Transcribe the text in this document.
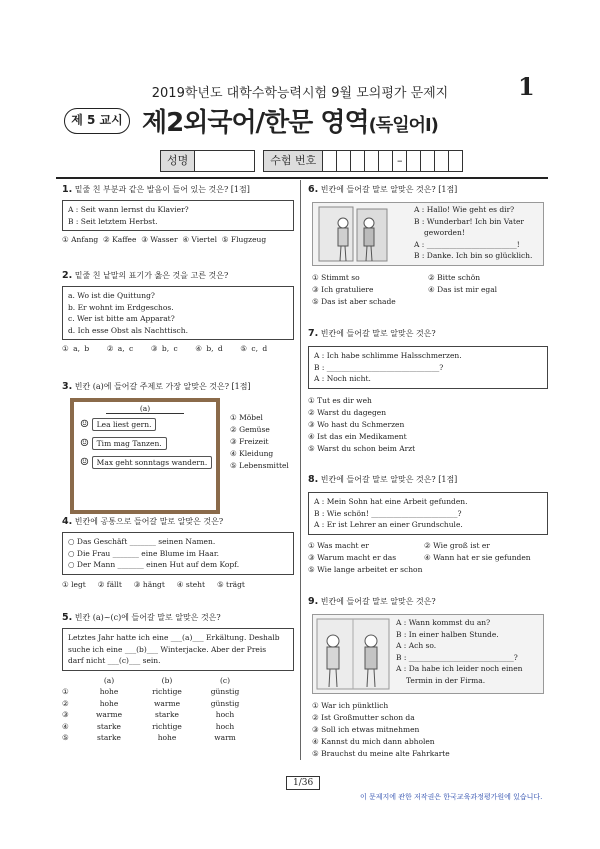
2019학년도 대학수학능력시험 9월 모의평가 문제지	1
제 5 교시 제2외국어/한문 영역(독일어Ⅰ)
성명	수험 번호	–
1. 밑줄 친 부분과 같은 발음이 들어 있는 것은? [1점]
A : Seit wann lernst du Klavier?
B : Seit letztem Herbst.
① Anfang ② Kaffee ③ Wasser ④ Viertel ⑤ Flugzeug
2. 밑줄 친 낱말의 표기가 옳은 것을 고른 것은?
a. Wo ist die Quittung?
b. Er wohnt im Erdgeschos.
c. Wer ist bitte am Apparat?
d. Ich esse Obst als Nachttisch.
① a, b ② a, c ③ b, c ④ b, d ⑤ c, d
3. 빈칸 (a)에 들어갈 주제로 가장 알맞은 것은? [1점]
(a)
☺ Lea liest gern.
☺ Tim mag Tanzen.
☺ Max geht sonntags wandern.
① Möbel
② Gemüse
③ Freizeit
④ Kleidung
⑤ Lebensmittel
4. 빈칸에 공통으로 들어갈 말로 알맞은 것은?
○ Das Geschäft _______ seinen Namen.
○ Die Frau _______ eine Blume im Haar.
○ Der Mann _______ einen Hut auf dem Kopf.
① legt ② fällt ③ hängt ④ steht ⑤ trägt
5. 빈칸 (a)~(c)에 들어갈 말로 알맞은 것은?
Letztes Jahr hatte ich eine ___(a)___ Erkältung. Deshalb
suche ich eine ___(b)___ Winterjacke. Aber der Preis
darf nicht ___(c)___ sein.
	(a)	(b)	(c)
①	hohe	richtige	günstig
②	hohe	warme	günstig
③	warme	starke	hoch
④	starke	richtige	hoch
⑤	starke	hohe	warm
6. 빈칸에 들어갈 말로 알맞은 것은? [1점]
A : Hallo! Wie geht es dir?
B : Wunderbar! Ich bin Vater
geworden!
A : ________________________!
B : Danke. Ich bin so glücklich.
① Stimmt so	② Bitte schön
③ Ich gratuliere	④ Das ist mir egal
⑤ Das ist aber schade
7. 빈칸에 들어갈 말로 알맞은 것은?
A : Ich habe schlimme Halsschmerzen.
B : ______________________________?
A : Noch nicht.
① Tut es dir weh
② Warst du dagegen
③ Wo hast du Schmerzen
④ Ist das ein Medikament
⑤ Warst du schon beim Arzt
8. 빈칸에 들어갈 말로 알맞은 것은? [1점]
A : Mein Sohn hat eine Arbeit gefunden.
B : Wie schön! _______________________?
A : Er ist Lehrer an einer Grundschule.
① Was macht er	② Wie groß ist er
③ Warum macht er das	④ Wann hat er sie gefunden
⑤ Wie lange arbeitet er schon
9. 빈칸에 들어갈 말로 알맞은 것은?
A : Wann kommst du an?
B : In einer halben Stunde.
A : Ach so.
B : ____________________________?
A : Da habe ich leider noch einen
Termin in der Firma.
① War ich pünktlich
② Ist Großmutter schon da
③ Soll ich etwas mitnehmen
④ Kannst du mich dann abholen
⑤ Brauchst du meine alte Fahrkarte
1/36
이 문제지에 관한 저작권은 한국교육과정평가원에 있습니다.
